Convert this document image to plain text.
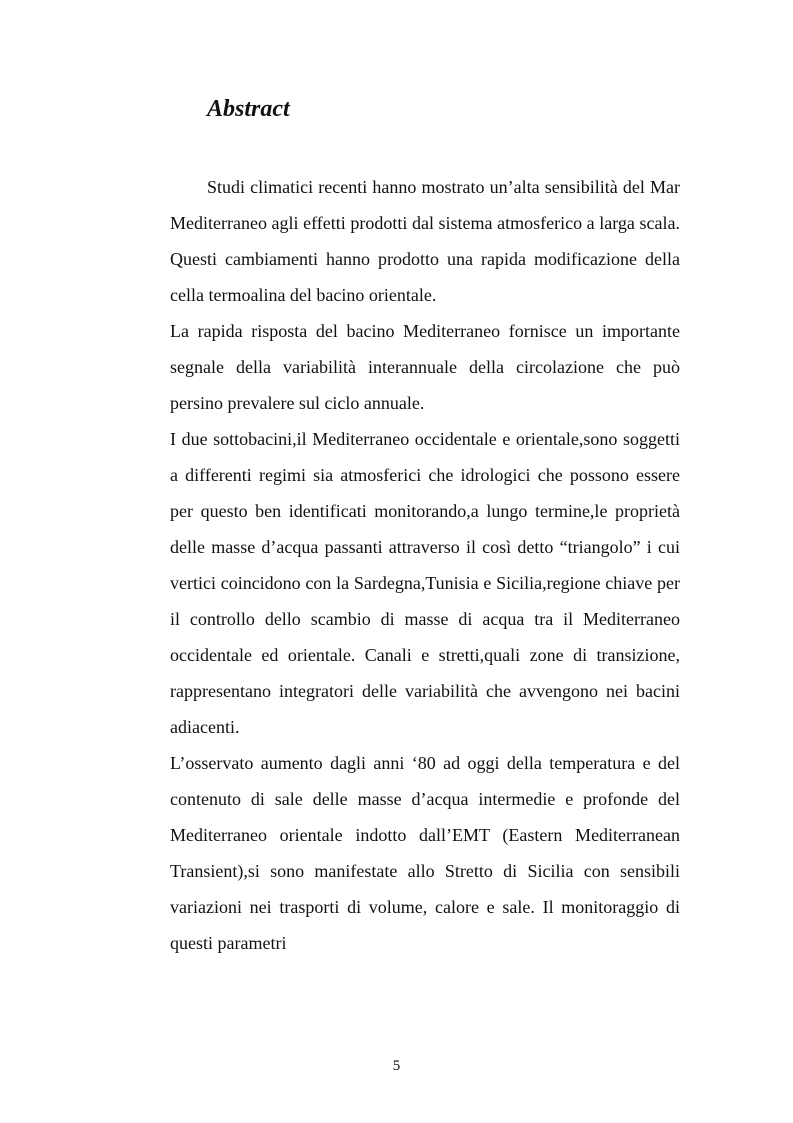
Abstract

Studi climatici recenti hanno mostrato un’alta sensibilità del Mar Mediterraneo agli effetti prodotti dal sistema atmosferico a larga scala. Questi cambiamenti hanno prodotto una rapida modificazione della cella termoalina del bacino orientale.

La rapida risposta del bacino Mediterraneo fornisce un importante segnale della variabilità interannuale della circolazione che può persino prevalere sul ciclo annuale.

I due sottobacini,il Mediterraneo occidentale e orientale,sono soggetti a differenti regimi sia atmosferici che idrologici che possono essere per questo ben identificati monitorando,a lungo termine,le proprietà delle masse d’acqua passanti attraverso il così detto “triangolo” i cui vertici coincidono con la Sardegna,Tunisia e Sicilia,regione chiave per il controllo dello scambio di masse di acqua tra il Mediterraneo occidentale ed orientale. Canali e stretti,quali zone di transizione, rappresentano integratori delle variabilità che avvengono nei bacini adiacenti.

L’osservato aumento dagli anni ‘80 ad oggi della temperatura e del contenuto di sale delle masse d’acqua intermedie e profonde del Mediterraneo orientale indotto dall’EMT (Eastern Mediterranean Transient),si sono manifestate allo Stretto di Sicilia con sensibili variazioni nei trasporti di volume, calore e sale. Il monitoraggio di questi parametri

5
